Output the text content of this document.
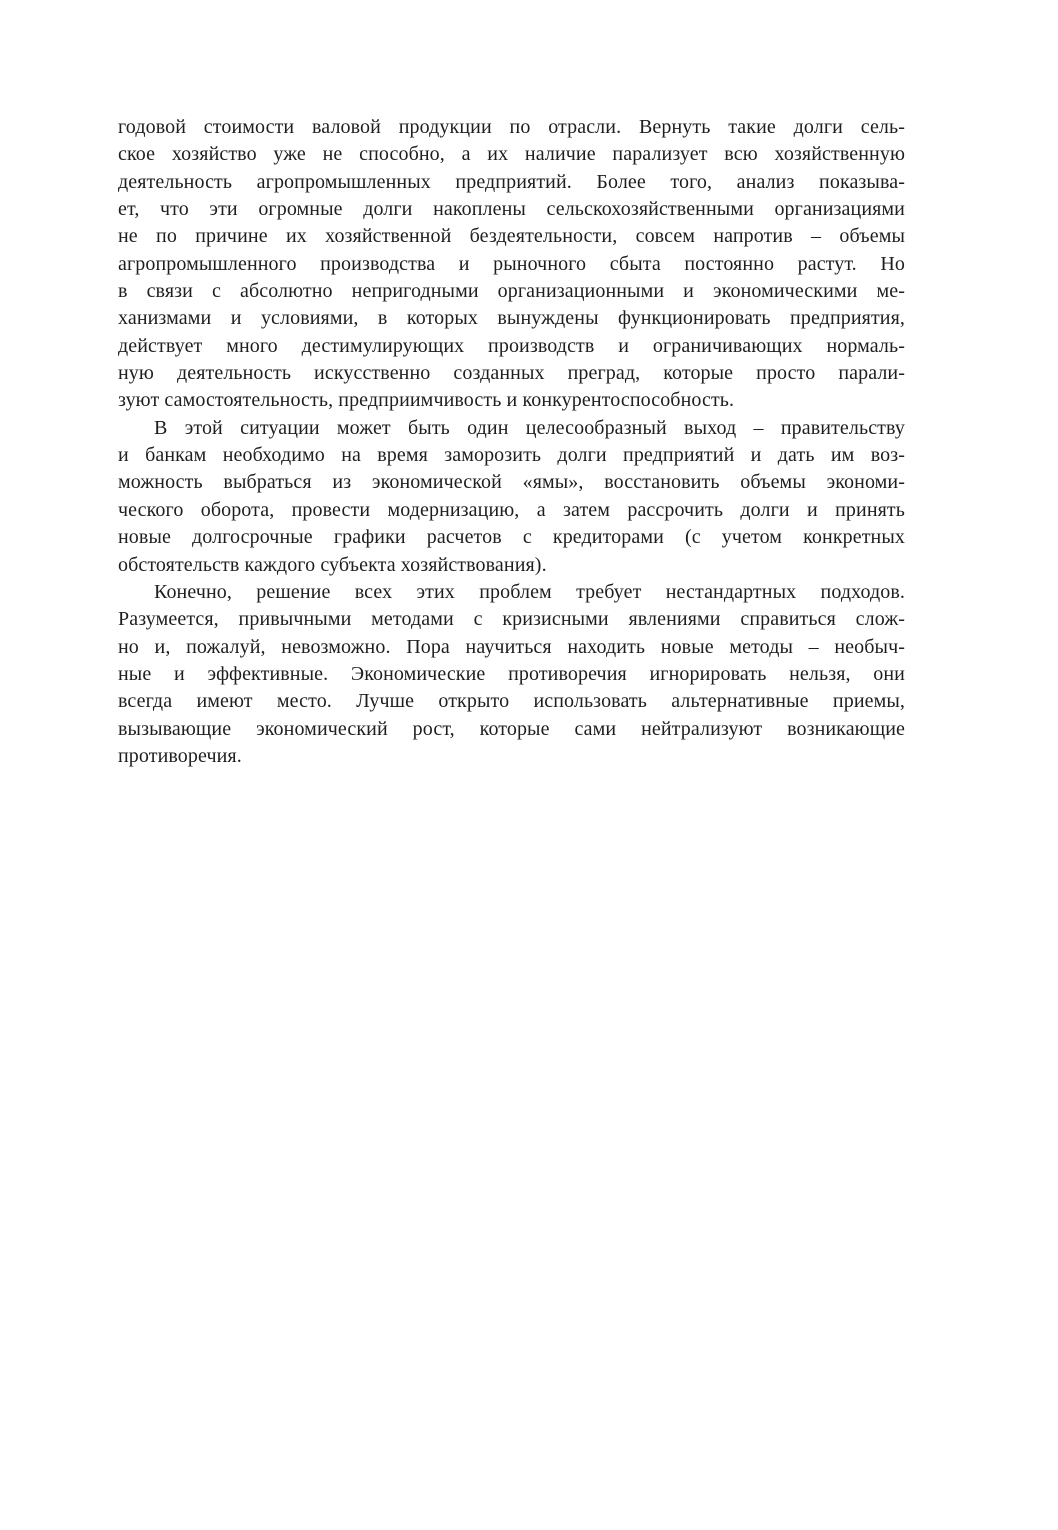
годовой стоимости валовой продукции по отрасли. Вернуть такие долги сель-
ское хозяйство уже не способно, а их наличие парализует всю хозяйственную
деятельность агропромышленных предприятий. Более того, анализ показыва-
ет, что эти огромные долги накоплены сельскохозяйственными организациями
не по причине их хозяйственной бездеятельности, совсем напротив – объемы
агропромышленного производства и рыночного сбыта постоянно растут. Но
в связи с абсолютно непригодными организационными и экономическими ме-
ханизмами и условиями, в которых вынуждены функционировать предприятия,
действует много дестимулирующих производств и ограничивающих нормаль-
ную деятельность искусственно созданных преград, которые просто парали-
зуют самостоятельность, предприимчивость и конкурентоспособность.
В этой ситуации может быть один целесообразный выход – правительству
и банкам необходимо на время заморозить долги предприятий и дать им воз-
можность выбраться из экономической «ямы», восстановить объемы экономи-
ческого оборота, провести модернизацию, а затем рассрочить долги и принять
новые долгосрочные графики расчетов с кредиторами (с учетом конкретных
обстоятельств каждого субъекта хозяйствования).
Конечно, решение всех этих проблем требует нестандартных подходов.
Разумеется, привычными методами с кризисными явлениями справиться слож-
но и, пожалуй, невозможно. Пора научиться находить новые методы – необыч-
ные и эффективные. Экономические противоречия игнорировать нельзя, они
всегда имеют место. Лучше открыто использовать альтернативные приемы,
вызывающие экономический рост, которые сами нейтрализуют возникающие
противоречия.
